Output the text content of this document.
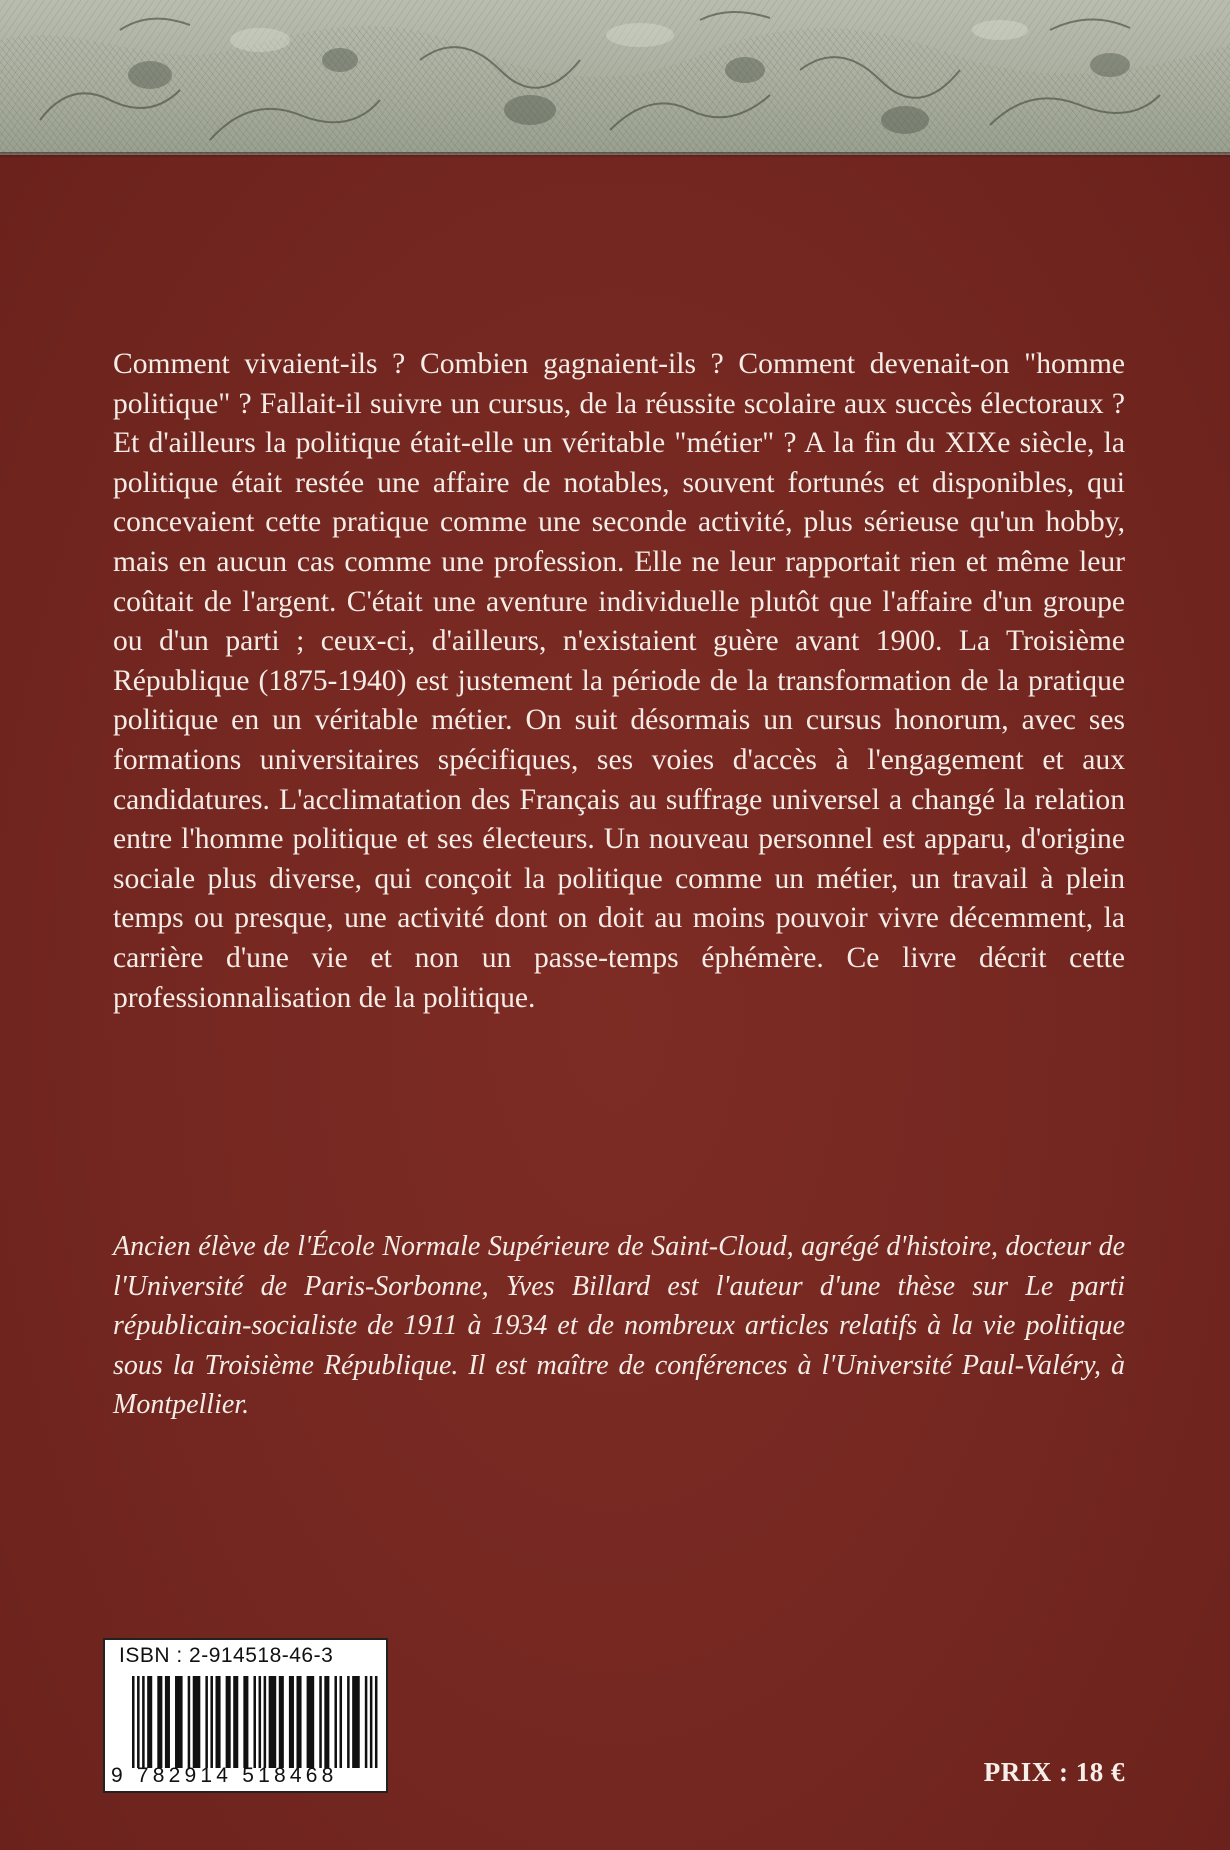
Comment vivaient-ils ? Combien gagnaient-ils ? Comment devenait-on "homme politique" ? Fallait-il suivre un cursus, de la réussite scolaire aux succès électoraux ? Et d'ailleurs la politique était-elle un véritable "métier" ? A la fin du XIXe siècle, la politique était restée une affaire de notables, souvent fortunés et disponibles, qui concevaient cette pratique comme une seconde activité, plus sérieuse qu'un hobby, mais en aucun cas comme une profession. Elle ne leur rapportait rien et même leur coûtait de l'argent. C'était une aventure individuelle plutôt que l'affaire d'un groupe ou d'un parti ; ceux-ci, d'ailleurs, n'existaient guère avant 1900. La Troisième République (1875-1940) est justement la période de la transformation de la pratique politique en un véritable métier. On suit désormais un cursus honorum, avec ses formations universitaires spécifiques, ses voies d'accès à l'engagement et aux candidatures. L'acclimatation des Français au suffrage universel a changé la relation entre l'homme politique et ses électeurs. Un nouveau personnel est apparu, d'origine sociale plus diverse, qui conçoit la politique comme un métier, un travail à plein temps ou presque, une activité dont on doit au moins pouvoir vivre décemment, la carrière d'une vie et non un passe-temps éphémère. Ce livre décrit cette professionnalisation de la politique.

Ancien élève de l'École Normale Supérieure de Saint-Cloud, agrégé d'histoire, docteur de l'Université de Paris-Sorbonne, Yves Billard est l'auteur d'une thèse sur Le parti républicain-socialiste de 1911 à 1934 et de nombreux articles relatifs à la vie politique sous la Troisième République. Il est maître de conférences à l'Université Paul-Valéry, à Montpellier.

ISBN : 2-914518-46-3
9 782914 518468	PRIX : 18 €
